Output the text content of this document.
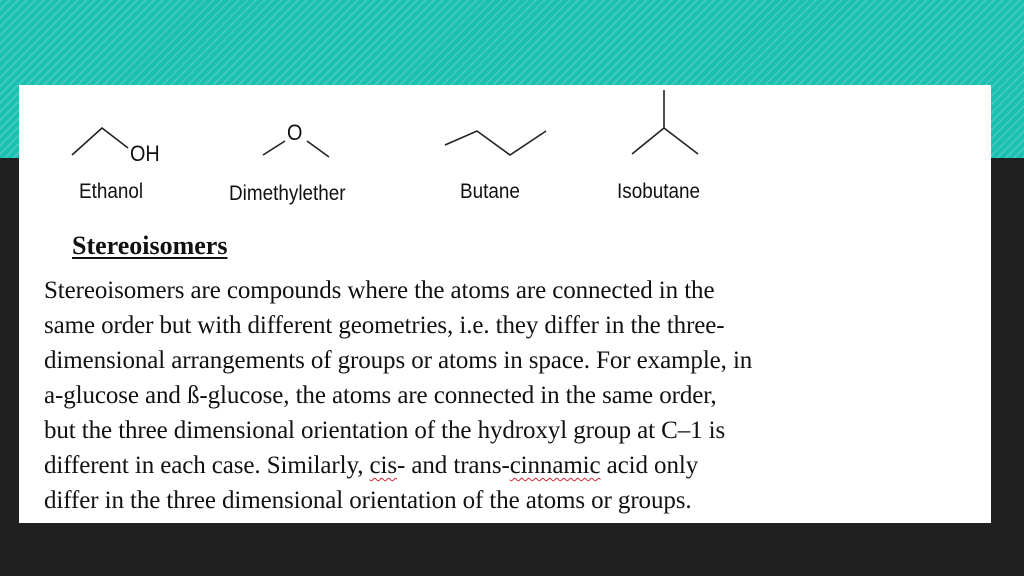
OH
Ethanol
O
Dimethylether	Butane	Isobutane
Stereoisomers
Stereoisomers are compounds where the atoms are connected in the
same order but with different geometries, i.e. they differ in the three-
dimensional arrangements of groups or atoms in space. For example, in
a-glucose and ß-glucose, the atoms are connected in the same order,
but the three dimensional orientation of the hydroxyl group at C–1 is
different in each case. Similarly, cis- and trans-cinnamic acid only
differ in the three dimensional orientation of the atoms or groups.
